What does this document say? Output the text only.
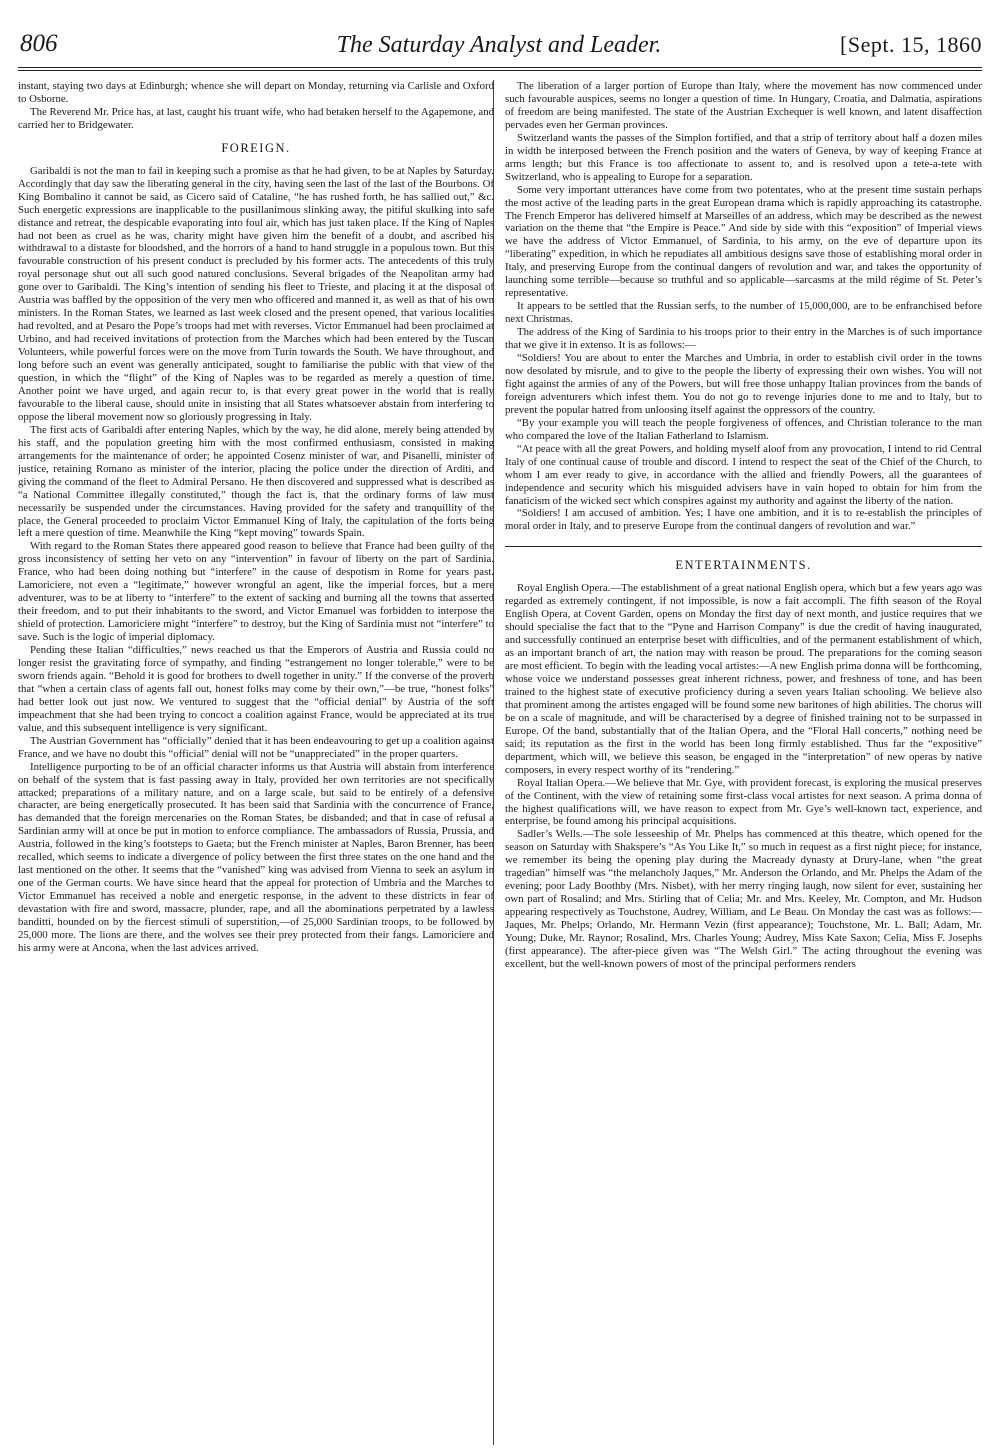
806	The Saturday Analyst and Leader.	[Sept. 15, 1860

instant, staying two days at Edinburgh; whence she will depart on Monday, returning via Carlisle and Oxford to Osborne.

The Reverend Mr. Price has, at last, caught his truant wife, who had betaken herself to the Agapemone, and carried her to Bridgewater.

FOREIGN.

Garibaldi is not the man to fail in keeping such a promise as that he had given, to be at Naples by Saturday. Accordingly that day saw the liberating general in the city, having seen the last of the last of the Bourbons. Of King Bombalino it cannot be said, as Cicero said of Cataline, “he has rushed forth, he has sallied out,” &c. Such energetic expressions are inapplicable to the pusillanimous slinking away, the pitiful skulking into safe distance and retreat, the despicable evaporating into foul air, which has just taken place. If the King of Naples had not been as cruel as he was, charity might have given him the benefit of a doubt, and ascribed his withdrawal to a distaste for bloodshed, and the horrors of a hand to hand struggle in a populous town. But this favourable construction of his present conduct is precluded by his former acts. The antecedents of this truly royal personage shut out all such good natured conclusions. Several brigades of the Neapolitan army had gone over to Garibaldi. The King’s intention of sending his fleet to Trieste, and placing it at the disposal of Austria was baffled by the opposition of the very men who officered and manned it, as well as that of his own ministers. In the Roman States, we learned as last week closed and the present opened, that various localities had revolted, and at Pesaro the Pope’s troops had met with reverses. Victor Emmanuel had been proclaimed at Urbino, and had received invitations of protection from the Marches which had been entered by the Tuscan Volunteers, while powerful forces were on the move from Turin towards the South. We have throughout, and long before such an event was generally anticipated, sought to familiarise the public with that view of the question, in which the “flight” of the King of Naples was to be regarded as merely a question of time. Another point we have urged, and again recur to, is that every great power in the world that is really favourable to the liberal cause, should unite in insisting that all States whatsoever abstain from interfering to oppose the liberal movement now so gloriously progressing in Italy.

The first acts of Garibaldi after entering Naples, which by the way, he did alone, merely being attended by his staff, and the population greeting him with the most confirmed enthusiasm, consisted in making arrangements for the maintenance of order; he appointed Cosenz minister of war, and Pisanelli, minister of justice, retaining Romano as minister of the interior, placing the police under the direction of Arditi, and giving the command of the fleet to Admiral Persano. He then discovered and suppressed what is described as “a National Committee illegally constituted,” though the fact is, that the ordinary forms of law must necessarily be suspended under the circumstances. Having provided for the safety and tranquillity of the place, the General proceeded to proclaim Victor Emmanuel King of Italy, the capitulation of the forts being left a mere question of time. Meanwhile the King “kept moving” towards Spain.

With regard to the Roman States there appeared good reason to believe that France had been guilty of the gross inconsistency of setting her veto on any “intervention” in favour of liberty on the part of Sardinia. France, who had been doing nothing but “interfere” in the cause of despotism in Rome for years past. Lamoriciere, not even a “legitimate,” however wrongful an agent, like the imperial forces, but a mere adventurer, was to be at liberty to “interfere” to the extent of sacking and burning all the towns that asserted their freedom, and to put their inhabitants to the sword, and Victor Emanuel was forbidden to interpose the shield of protection. Lamoriciere might “interfere” to destroy, but the King of Sardinia must not “interfere” to save. Such is the logic of imperial diplomacy.

Pending these Italian “difficulties,” news reached us that the Emperors of Austria and Russia could no longer resist the gravitating force of sympathy, and finding “estrangement no longer tolerable,” were to be sworn friends again. “Behold it is good for brothers to dwell together in unity.” If the converse of the proverb that “when a certain class of agents fall out, honest folks may come by their own,”—be true, “honest folks” had better look out just now. We ventured to suggest that the “official denial” by Austria of the soft impeachment that she had been trying to concoct a coalition against France, would be appreciated at its true value, and this subsequent intelligence is very significant.

The Austrian Government has “officially” denied that it has been endeavouring to get up a coalition against France, and we have no doubt this “official” denial will not be “unappreciated” in the proper quarters.

Intelligence purporting to be of an official character informs us that Austria will abstain from interference on behalf of the system that is fast passing away in Italy, provided her own territories are not specifically attacked; preparations of a military nature, and on a large scale, but said to be entirely of a defensive character, are being energetically prosecuted. It has been said that Sardinia with the concurrence of France, has demanded that the foreign mercenaries on the Roman States, be disbanded; and that in case of refusal a Sardinian army will at once be put in motion to enforce compliance. The ambassadors of Russia, Prussia, and Austria, followed in the king’s footsteps to Gaeta; but the French minister at Naples, Baron Brenner, has been recalled, which seems to indicate a divergence of policy between the first three states on the one hand and the last mentioned on the other. It seems that the “vanished” king was advised from Vienna to seek an asylum in one of the German courts. We have since heard that the appeal for protection of Umbria and the Marches to Victor Emmanuel has received a noble and energetic response, in the advent to these districts in fear of devastation with fire and sword, massacre, plunder, rape, and all the abominations perpetrated by a lawless banditti, hounded on by the fiercest stimuli of superstition,—of 25,000 Sardinian troops, to be followed by 25,000 more. The lions are there, and the wolves see their prey protected from their fangs. Lamoriciere and his army were at Ancona, when the last advices arrived.

The liberation of a larger portion of Europe than Italy, where the movement has now commenced under such favourable auspices, seems no longer a question of time. In Hungary, Croatia, and Dalmatia, aspirations of freedom are being manifested. The state of the Austrian Exchequer is well known, and latent disaffection pervades even her German provinces.

Switzerland wants the passes of the Simplon fortified, and that a strip of territory about half a dozen miles in width be interposed between the French position and the waters of Geneva, by way of keeping France at arms length; but this France is too affectionate to assent to, and is resolved upon a tete-a-tete with Switzerland, who is appealing to Europe for a separation.

Some very important utterances have come from two potentates, who at the present time sustain perhaps the most active of the leading parts in the great European drama which is rapidly approaching its catastrophe. The French Emperor has delivered himself at Marseilles of an address, which may be described as the newest variation on the theme that “the Empire is Peace.” And side by side with this “exposition” of Imperial views we have the address of Victor Emmanuel, of Sardinia, to his army, on the eve of departure upon its “liberating” expedition, in which he repudiates all ambitious designs save those of establishing moral order in Italy, and preserving Europe from the continual dangers of revolution and war, and takes the opportunity of launching some terrible—because so truthful and so applicable—sarcasms at the mild régime of St. Peter’s representative.

It appears to be settled that the Russian serfs, to the number of 15,000,000, are to be enfranchised before next Christmas.

The address of the King of Sardinia to his troops prior to their entry in the Marches is of such importance that we give it in extenso. It is as follows:—

“Soldiers! You are about to enter the Marches and Umbria, in order to establish civil order in the towns now desolated by misrule, and to give to the people the liberty of expressing their own wishes. You will not fight against the armies of any of the Powers, but will free those unhappy Italian provinces from the bands of foreign adventurers which infest them. You do not go to revenge injuries done to me and to Italy, but to prevent the popular hatred from unloosing itself against the oppressors of the country.

“By your example you will teach the people forgiveness of offences, and Christian tolerance to the man who compared the love of the Italian Fatherland to Islamism.

“At peace with all the great Powers, and holding myself aloof from any provocation, I intend to rid Central Italy of one continual cause of trouble and discord. I intend to respect the seat of the Chief of the Church, to whom I am ever ready to give, in accordance with the allied and friendly Powers, all the guarantees of independence and security which his misguided advisers have in vain hoped to obtain for him from the fanaticism of the wicked sect which conspires against my authority and against the liberty of the nation.

“Soldiers! I am accused of ambition. Yes; I have one ambition, and it is to re-establish the principles of moral order in Italy, and to preserve Europe from the continual dangers of revolution and war.”

ENTERTAINMENTS.

Royal English Opera.—The establishment of a great national English opera, which but a few years ago was regarded as extremely contingent, if not impossible, is now a fait accompli. The fifth season of the Royal English Opera, at Covent Garden, opens on Monday the first day of next month, and justice requires that we should specialise the fact that to the “Pyne and Harrison Company” is due the credit of having inaugurated, and successfully continued an enterprise beset with difficulties, and of the permanent establishment of which, as an important branch of art, the nation may with reason be proud. The preparations for the coming season are most efficient. To begin with the leading vocal artistes:—A new English prima donna will be forthcoming, whose voice we understand possesses great inherent richness, power, and freshness of tone, and has been trained to the highest state of executive proficiency during a seven years Italian schooling. We believe also that prominent among the artistes engaged will be found some new baritones of high abilities. The chorus will be on a scale of magnitude, and will be characterised by a degree of finished training not to be surpassed in Europe. Of the band, substantially that of the Italian Opera, and the “Floral Hall concerts,” nothing need be said; its reputation as the first in the world has been long firmly established. Thus far the “expositive” department, which will, we believe this season, be engaged in the “interpretation” of new operas by native composers, in every respect worthy of its “rendering.”

Royal Italian Opera.—We believe that Mr. Gye, with provident forecast, is exploring the musical preserves of the Continent, with the view of retaining some first-class vocal artistes for next season. A prima donna of the highest qualifications will, we have reason to expect from Mr. Gye’s well-known tact, experience, and enterprise, be found among his principal acquisitions.

Sadler’s Wells.—The sole lesseeship of Mr. Phelps has commenced at this theatre, which opened for the season on Saturday with Shakspere’s “As You Like It,” so much in request as a first night piece; for instance, we remember its being the opening play during the Macready dynasty at Drury-lane, when “the great tragedian” himself was “the melancholy Jaques,” Mr. Anderson the Orlando, and Mr. Phelps the Adam of the evening; poor Lady Boothby (Mrs. Nisbet), with her merry ringing laugh, now silent for ever, sustaining her own part of Rosalind; and Mrs. Stirling that of Celia; Mr. and Mrs. Keeley, Mr. Compton, and Mr. Hudson appearing respectively as Touchstone, Audrey, William, and Le Beau. On Monday the cast was as follows:—Jaques, Mr. Phelps; Orlando, Mr. Hermann Vezin (first appearance); Touchstone, Mr. L. Ball; Adam, Mr. Young; Duke, Mr. Raynor; Rosalind, Mrs. Charles Young; Audrey, Miss Kate Saxon; Celia, Miss F. Josephs (first appearance). The after-piece given was “The Welsh Girl.” The acting throughout the evening was excellent, but the well-known powers of most of the principal performers renders
